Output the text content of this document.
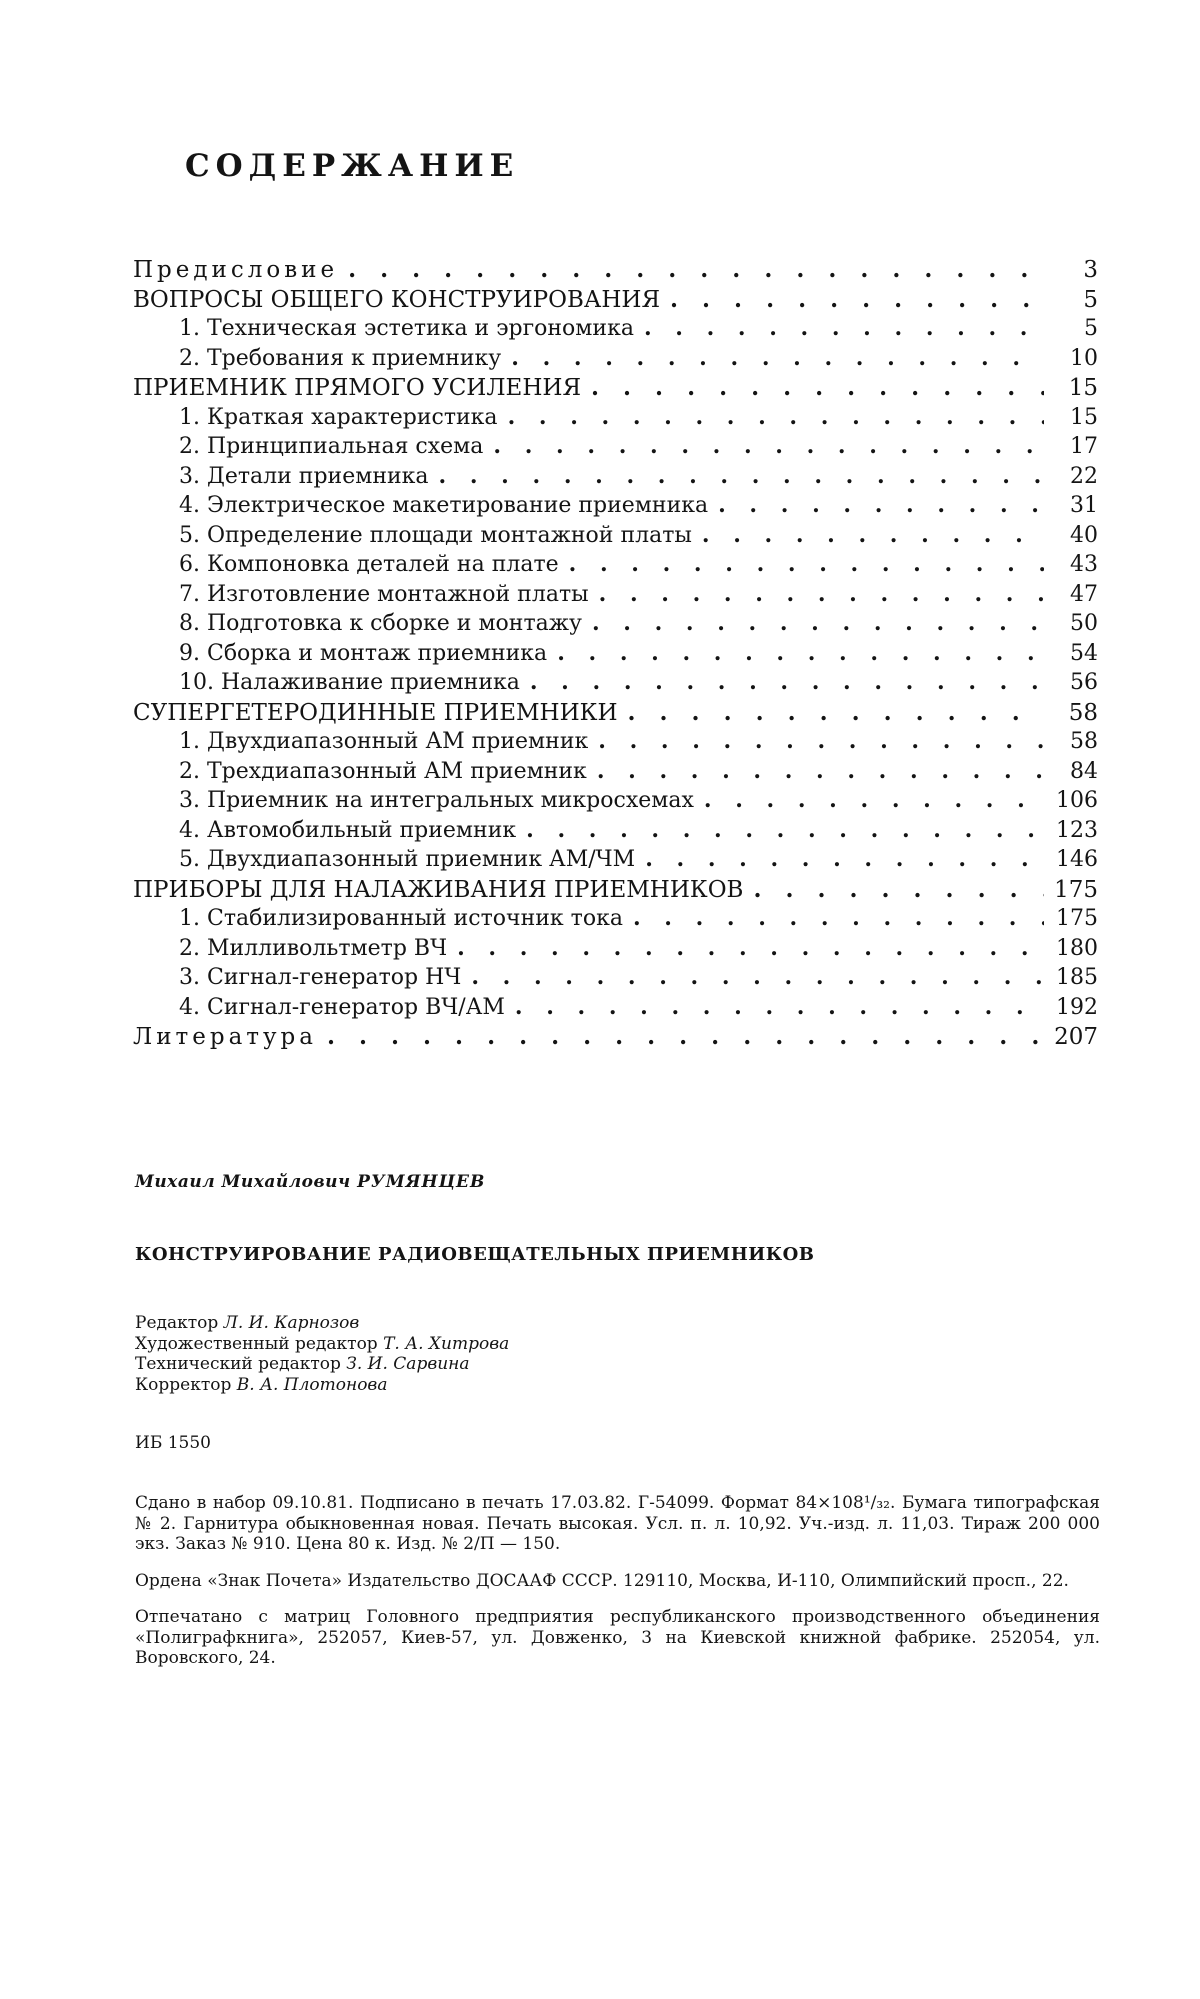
СОДЕРЖАНИЕ
Предисловие . . .	3
ВОПРОСЫ ОБЩЕГО КОНСТРУИРОВАНИЯ . . .	5
1. Техническая эстетика и эргономика . . .	5
2. Требования к приемнику . . .	10
ПРИЕМНИК ПРЯМОГО УСИЛЕНИЯ . . .	15
1. Краткая характеристика . . .	15
2. Принципиальная схема . . .	17
3. Детали приемника . . .	22
4. Электрическое макетирование приемника . . .	31
5. Определение площади монтажной платы . . .	40
6. Компоновка деталей на плате . . .	43
7. Изготовление монтажной платы . . .	47
8. Подготовка к сборке и монтажу . . .	50
9. Сборка и монтаж приемника . . .	54
10. Налаживание приемника . . .	56
СУПЕРГЕТЕРОДИННЫЕ ПРИЕМНИКИ . . .	58
1. Двухдиапазонный АМ приемник . . .	58
2. Трехдиапазонный АМ приемник . . .	84
3. Приемник на интегральных микросхемах . . .	106
4. Автомобильный приемник . . .	123
5. Двухдиапазонный приемник АМ/ЧМ . . .	146
ПРИБОРЫ ДЛЯ НАЛАЖИВАНИЯ ПРИЕМНИКОВ . . .	175
1. Стабилизированный источник тока . . .	175
2. Милливольтметр ВЧ . . .	180
3. Сигнал-генератор НЧ . . .	185
4. Сигнал-генератор ВЧ/АМ . . .	192
Литература . . .	207

Михаил Михайлович РУМЯНЦЕВ

КОНСТРУИРОВАНИЕ РАДИОВЕЩАТЕЛЬНЫХ ПРИЕМНИКОВ

Редактор Л. И. Карнозов
Художественный редактор Т. А. Хитрова
Технический редактор З. И. Сарвина
Корректор В. А. Плотонова

ИБ 1550

Сдано в набор 09.10.81. Подписано в печать 17.03.82. Г-54099. Формат 84×108¹/₃₂. Бумага типографская № 2. Гарнитура обыкновенная новая. Печать высокая. Усл. п. л. 10,92. Уч.-изд. л. 11,03. Тираж 200 000 экз. Заказ № 910. Цена 80 к. Изд. № 2/П — 150.

Ордена «Знак Почета» Издательство ДОСААФ СССР. 129110, Москва, И-110, Олимпийский просп., 22.

Отпечатано с матриц Головного предприятия республиканского производственного объединения «Полиграфкнига», 252057, Киев-57, ул. Довженко, 3 на Киевской книжной фабрике. 252054, ул. Воровского, 24.
